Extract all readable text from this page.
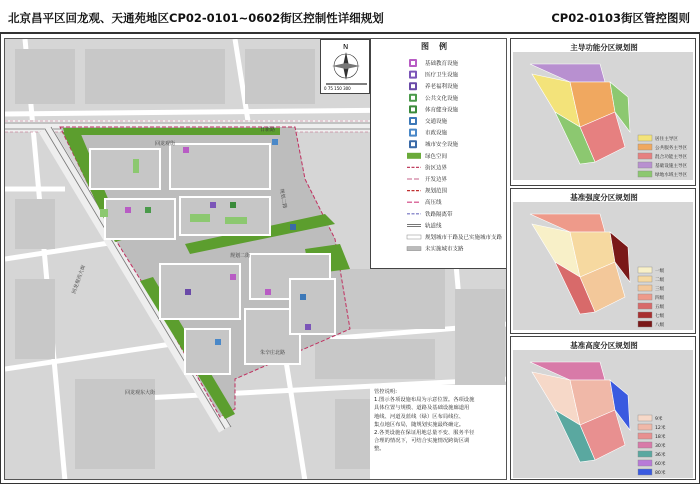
北京昌平区回龙观、天通苑地区CP02-0101~0602街区控制性详细规划	CP02-0103街区管控图则
日新路
回龙观街
回龙观西大街
规划二街
规划二路
朱辛庄北路
回龙观东大街
N
0 75 150 300
图例
基础教育设施
医疗卫生设施
养老福利设施
公共文化设施
体育健身设施
交通设施
市政设施
城市安全设施
绿色空间
街区边界
开发边界
规划范围
高压线
铁路隔离带
轨道线
规划城市干路及已实施城市支路
未实施城市支路
管控说明:
1.图示各项设施布局为示意位置。各项设施
具体位置与规模、道路及基础设施廊道用
地线、河道及蓝线（绿）区布局线位、
集点地区布局，随规划实施最终确定。
2.各类设施在保证用地总量不变、服务半径
合理的情况下，可结合实施情况跨街区调
整。
主导功能分区规划图
基准强度分区规划图
基准高度分区规划图
居住主导区
公共服务主导区
混合功能主导区
基础设施主导区
绿地水域主导区
一级
二级
三级
四级
五级
七级
八级
9米
12米
18米
30米
36米
60米
80米
